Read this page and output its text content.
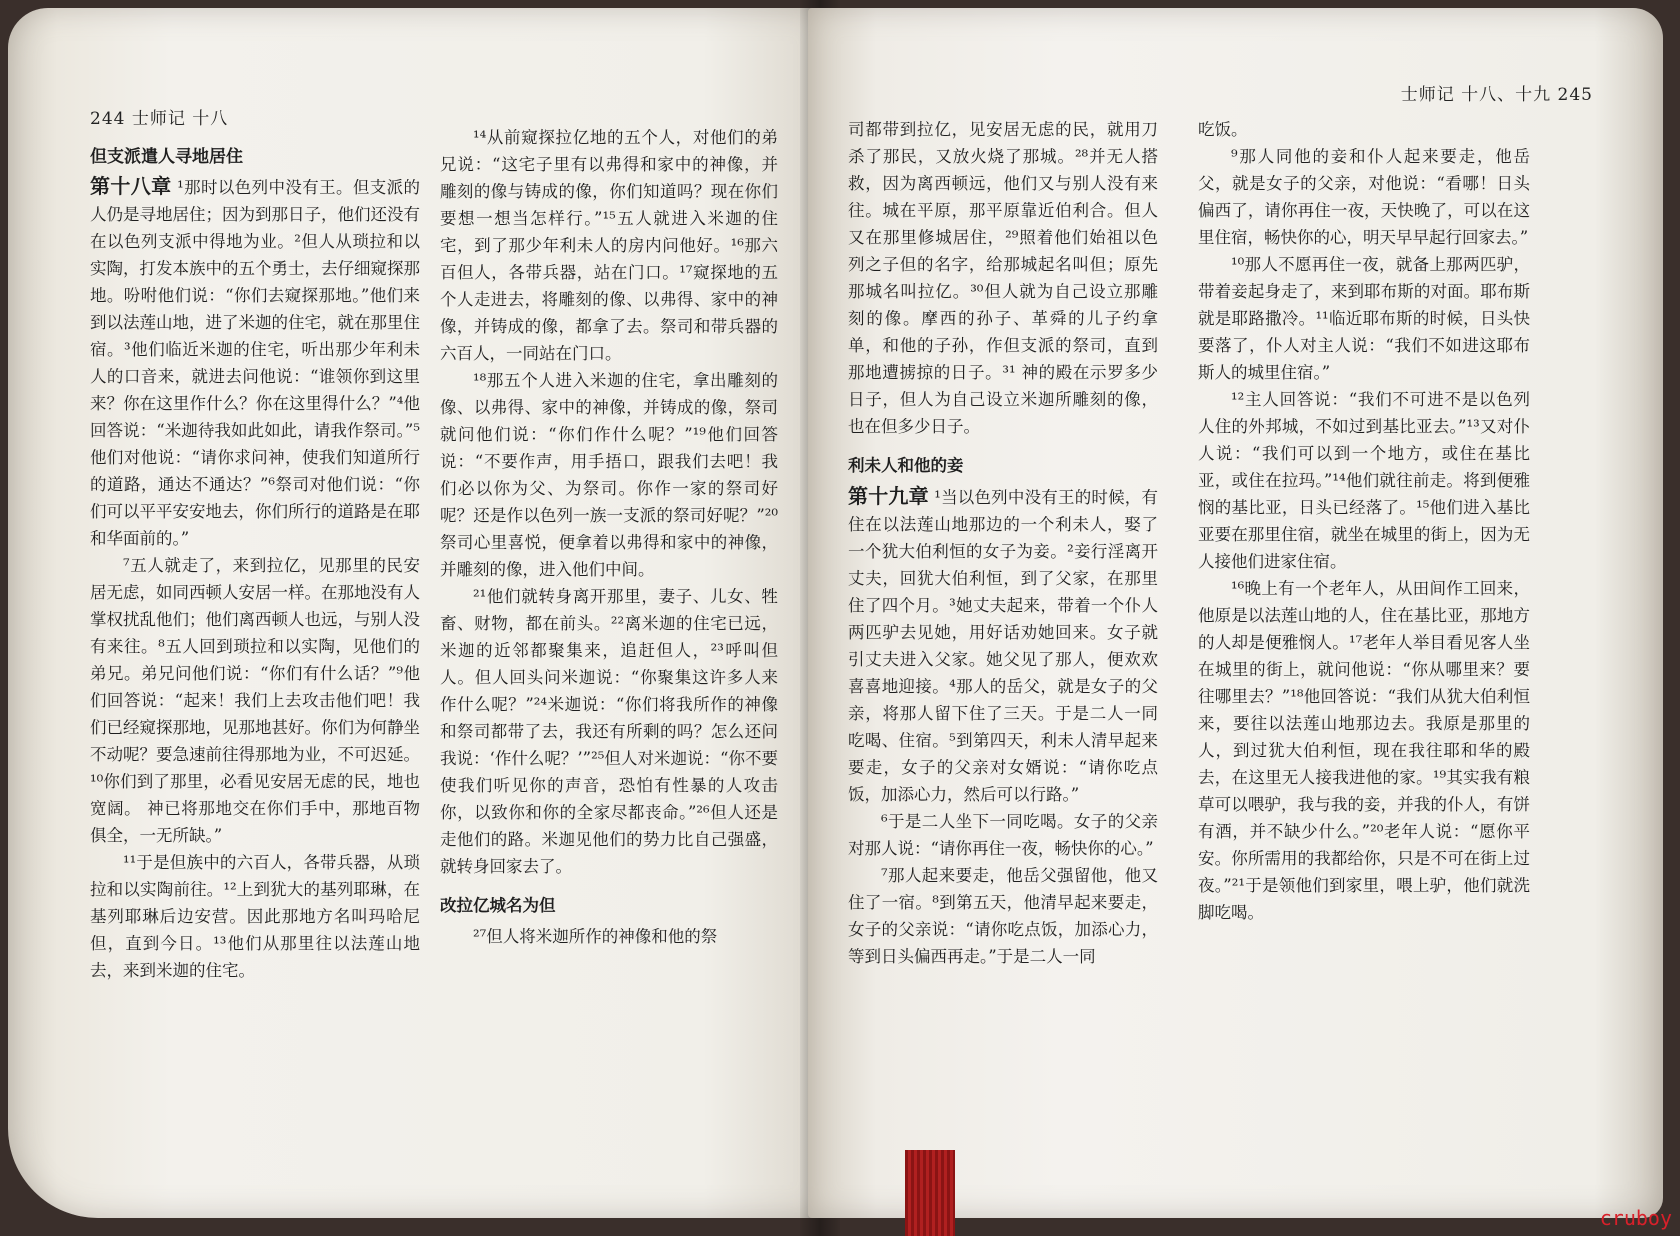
244 士师记 十八

但支派遣人寻地居住

第十八章 ¹那时以色列中没有王。但支派的人仍是寻地居住；因为到那日子，他们还没有在以色列支派中得地为业。²但人从琐拉和以实陶，打发本族中的五个勇士，去仔细窥探那地。吩咐他们说：“你们去窥探那地。”他们来到以法莲山地，进了米迦的住宅，就在那里住宿。³他们临近米迦的住宅，听出那少年利未人的口音来，就进去问他说：“谁领你到这里来？你在这里作什么？你在这里得什么？”⁴他回答说：“米迦待我如此如此，请我作祭司。”⁵他们对他说：“请你求问神，使我们知道所行的道路，通达不通达？”⁶祭司对他们说：“你们可以平平安安地去，你们所行的道路是在耶和华面前的。”

⁷五人就走了，来到拉亿，见那里的民安居无虑，如同西顿人安居一样。在那地没有人掌权扰乱他们；他们离西顿人也远，与别人没有来往。⁸五人回到琐拉和以实陶，见他们的弟兄。弟兄问他们说：“你们有什么话？”⁹他们回答说：“起来！我们上去攻击他们吧！我们已经窥探那地，见那地甚好。你们为何静坐不动呢？要急速前往得那地为业，不可迟延。¹⁰你们到了那里，必看见安居无虑的民，地也宽阔。 神已将那地交在你们手中，那地百物俱全，一无所缺。”

¹¹于是但族中的六百人，各带兵器，从琐拉和以实陶前往。¹²上到犹大的基列耶琳，在基列耶琳后边安营。因此那地方名叫玛哈尼但，直到今日。¹³他们从那里往以法莲山地去，来到米迦的住宅。

¹⁴从前窥探拉亿地的五个人，对他们的弟兄说：“这宅子里有以弗得和家中的神像，并雕刻的像与铸成的像，你们知道吗？现在你们要想一想当怎样行。”¹⁵五人就进入米迦的住宅，到了那少年利未人的房内问他好。¹⁶那六百但人，各带兵器，站在门口。¹⁷窥探地的五个人走进去，将雕刻的像、以弗得、家中的神像，并铸成的像，都拿了去。祭司和带兵器的六百人，一同站在门口。

¹⁸那五个人进入米迦的住宅，拿出雕刻的像、以弗得、家中的神像，并铸成的像，祭司就问他们说：“你们作什么呢？”¹⁹他们回答说：“不要作声，用手捂口，跟我们去吧！我们必以你为父、为祭司。你作一家的祭司好呢？还是作以色列一族一支派的祭司好呢？”²⁰祭司心里喜悦，便拿着以弗得和家中的神像，并雕刻的像，进入他们中间。

²¹他们就转身离开那里，妻子、儿女、牲畜、财物，都在前头。²²离米迦的住宅已远，米迦的近邻都聚集来，追赶但人，²³呼叫但人。但人回头问米迦说：“你聚集这许多人来作什么呢？”²⁴米迦说：“你们将我所作的神像和祭司都带了去，我还有所剩的吗？怎么还问我说：‘作什么呢？’”²⁵但人对米迦说：“你不要使我们听见你的声音，恐怕有性暴的人攻击你，以致你和你的全家尽都丧命。”²⁶但人还是走他们的路。米迦见他们的势力比自己强盛，就转身回家去了。

改拉亿城名为但

²⁷但人将米迦所作的神像和他的祭

士师记 十八、十九 245

司都带到拉亿，见安居无虑的民，就用刀杀了那民，又放火烧了那城。²⁸并无人搭救，因为离西顿远，他们又与别人没有来往。城在平原，那平原靠近伯利合。但人又在那里修城居住，²⁹照着他们始祖以色列之子但的名字，给那城起名叫但；原先那城名叫拉亿。³⁰但人就为自己设立那雕刻的像。摩西的孙子、革舜的儿子约拿单，和他的子孙，作但支派的祭司，直到那地遭掳掠的日子。³¹ 神的殿在示罗多少日子，但人为自己设立米迦所雕刻的像，也在但多少日子。

利未人和他的妾

第十九章 ¹当以色列中没有王的时候，有住在以法莲山地那边的一个利未人，娶了一个犹大伯利恒的女子为妾。²妾行淫离开丈夫，回犹大伯利恒，到了父家，在那里住了四个月。³她丈夫起来，带着一个仆人两匹驴去见她，用好话劝她回来。女子就引丈夫进入父家。她父见了那人，便欢欢喜喜地迎接。⁴那人的岳父，就是女子的父亲，将那人留下住了三天。于是二人一同吃喝、住宿。⁵到第四天，利未人清早起来要走，女子的父亲对女婿说：“请你吃点饭，加添心力，然后可以行路。”

⁶于是二人坐下一同吃喝。女子的父亲对那人说：“请你再住一夜，畅快你的心。”

⁷那人起来要走，他岳父强留他，他又住了一宿。⁸到第五天，他清早起来要走，女子的父亲说：“请你吃点饭，加添心力，等到日头偏西再走。”于是二人一同

吃饭。

⁹那人同他的妾和仆人起来要走，他岳父，就是女子的父亲，对他说：“看哪！日头偏西了，请你再住一夜，天快晚了，可以在这里住宿，畅快你的心，明天早早起行回家去。”

¹⁰那人不愿再住一夜，就备上那两匹驴，带着妾起身走了，来到耶布斯的对面。耶布斯就是耶路撒冷。¹¹临近耶布斯的时候，日头快要落了，仆人对主人说：“我们不如进这耶布斯人的城里住宿。”

¹²主人回答说：“我们不可进不是以色列人住的外邦城，不如过到基比亚去。”¹³又对仆人说：“我们可以到一个地方，或住在基比亚，或住在拉玛。”¹⁴他们就往前走。将到便雅悯的基比亚，日头已经落了。¹⁵他们进入基比亚要在那里住宿，就坐在城里的街上，因为无人接他们进家住宿。

¹⁶晚上有一个老年人，从田间作工回来，他原是以法莲山地的人，住在基比亚，那地方的人却是便雅悯人。¹⁷老年人举目看见客人坐在城里的街上，就问他说：“你从哪里来？要往哪里去？”¹⁸他回答说：“我们从犹大伯利恒来，要往以法莲山地那边去。我原是那里的人，到过犹大伯利恒，现在我往耶和华的殿去，在这里无人接我进他的家。¹⁹其实我有粮草可以喂驴，我与我的妾，并我的仆人，有饼有酒，并不缺少什么。”²⁰老年人说：“愿你平安。你所需用的我都给你，只是不可在街上过夜。”²¹于是领他们到家里，喂上驴，他们就洗脚吃喝。

cruboy
